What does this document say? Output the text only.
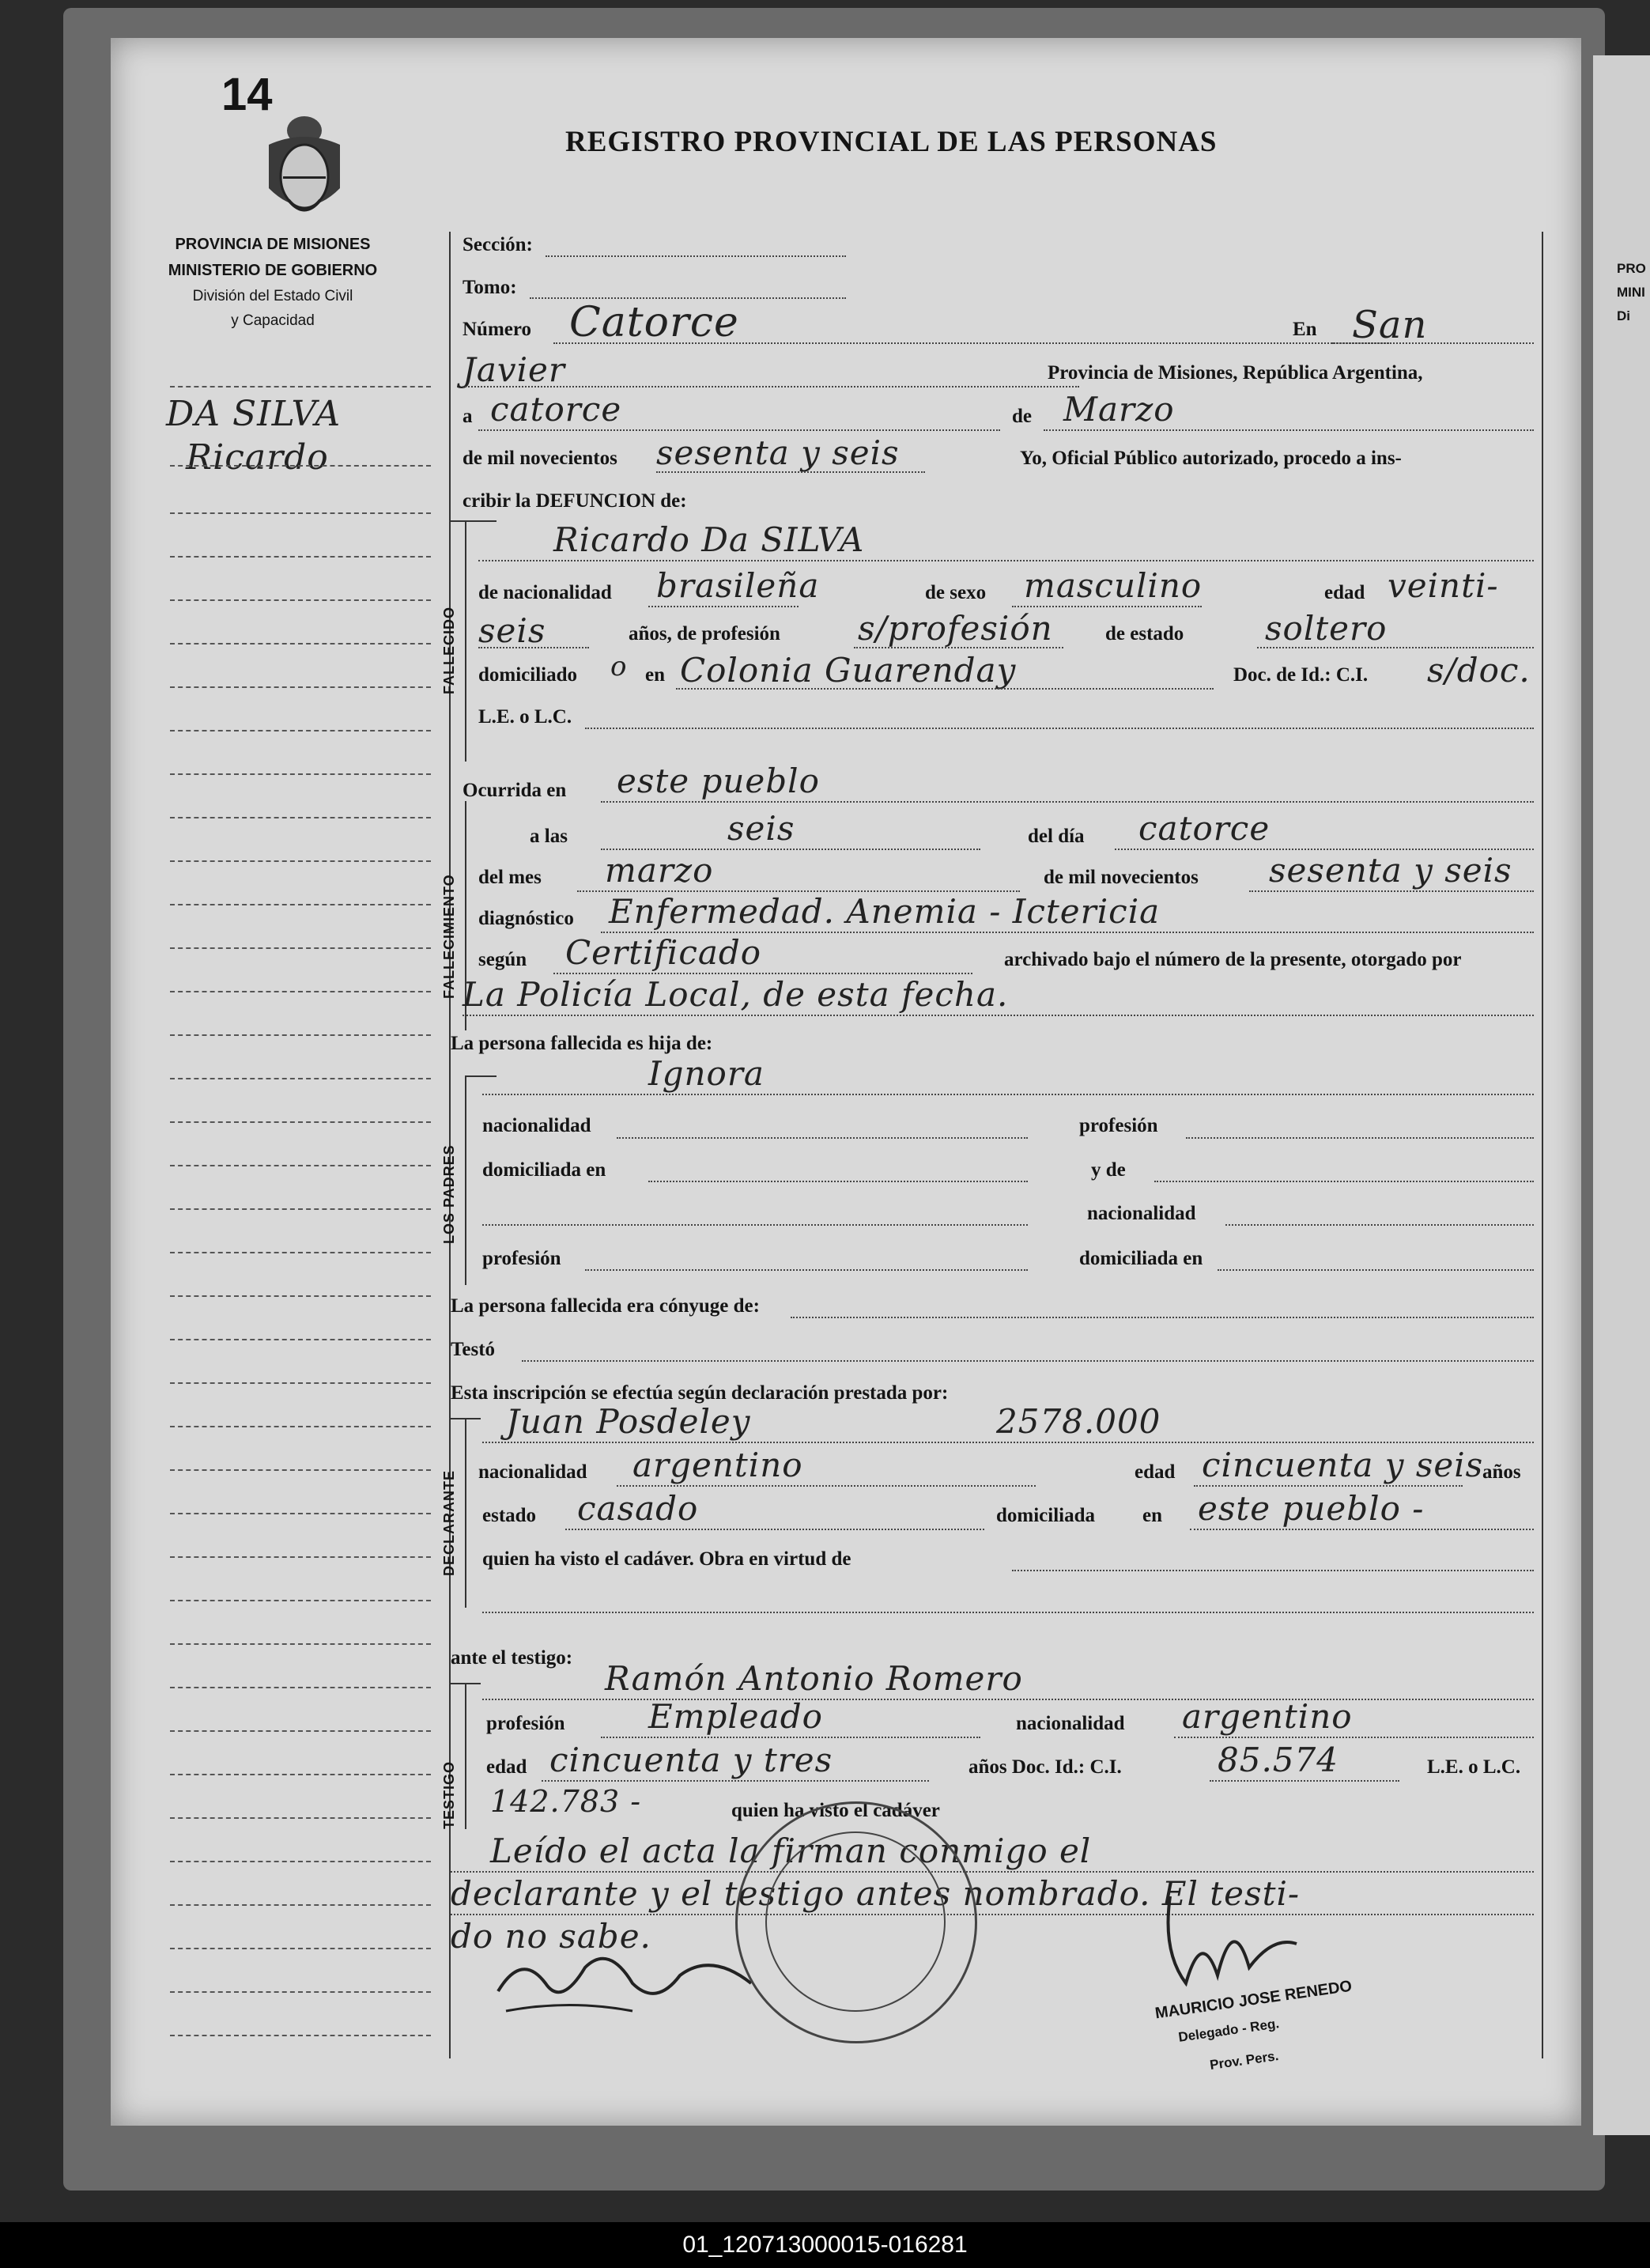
PRO
MINI
Di
14
REGISTRO PROVINCIAL DE LAS PERSONAS
PROVINCIA DE MISIONES
MINISTERIO DE GOBIERNO
División del Estado Civil
y Capacidad
DA SILVA
Ricardo
Sección:
Tomo:
Número Catorce	En San
Javier	Provincia de Misiones, República Argentina,
a catorce	de Marzo
de mil novecientos sesenta y seis	Yo, Oficial Público autorizado, procedo a ins-
cribir la DEFUNCION de:
FALLECIDO
Ricardo Da SILVA
de nacionalidad brasileña	de sexo masculino	edad veinti-
seis	años, de profesión s/profesión	de estado soltero
domiciliado o en Colonia Guarenday	Doc. de Id.: C.I. s/doc.
L.E. o L.C.
Ocurrida en este pueblo
FALLECIMIENTO
a las	seis	del día catorce
del mes marzo	de mil novecientos sesenta y seis
diagnóstico Enfermedad. Anemia - Ictericia
según Certificado	archivado bajo el número de la presente, otorgado por
La Policía Local, de esta fecha.
La persona fallecida es hija de:
Ignora
LOS PADRES
nacionalidad	profesión
domiciliada en	y de
nacionalidad
profesión	domiciliada en
La persona fallecida era cónyuge de:
Testó
Esta inscripción se efectúa según declaración prestada por:
Juan Posdeley	2578.000
DECLARANTE nacionalidad argentino	edad cincuenta y seis
años
estado casado	domiciliada en este pueblo -
quien ha visto el cadáver. Obra en virtud de
ante el testigo:
Ramón Antonio Romero
TESTIGO
profesión	Empleado	nacionalidad argentino
edad cincuenta y tres	años Doc. Id.: C.I.	85.574	L.E. o L.C.
142.783 -	quien ha visto el cadáver
Leído el acta la firman conmigo el
declarante y el testigo antes nombrado. El testi-
do no sabe.
MAURICIO JOSE RENEDO
Delegado - Reg.
Prov. Pers.
01_120713000015-016281
